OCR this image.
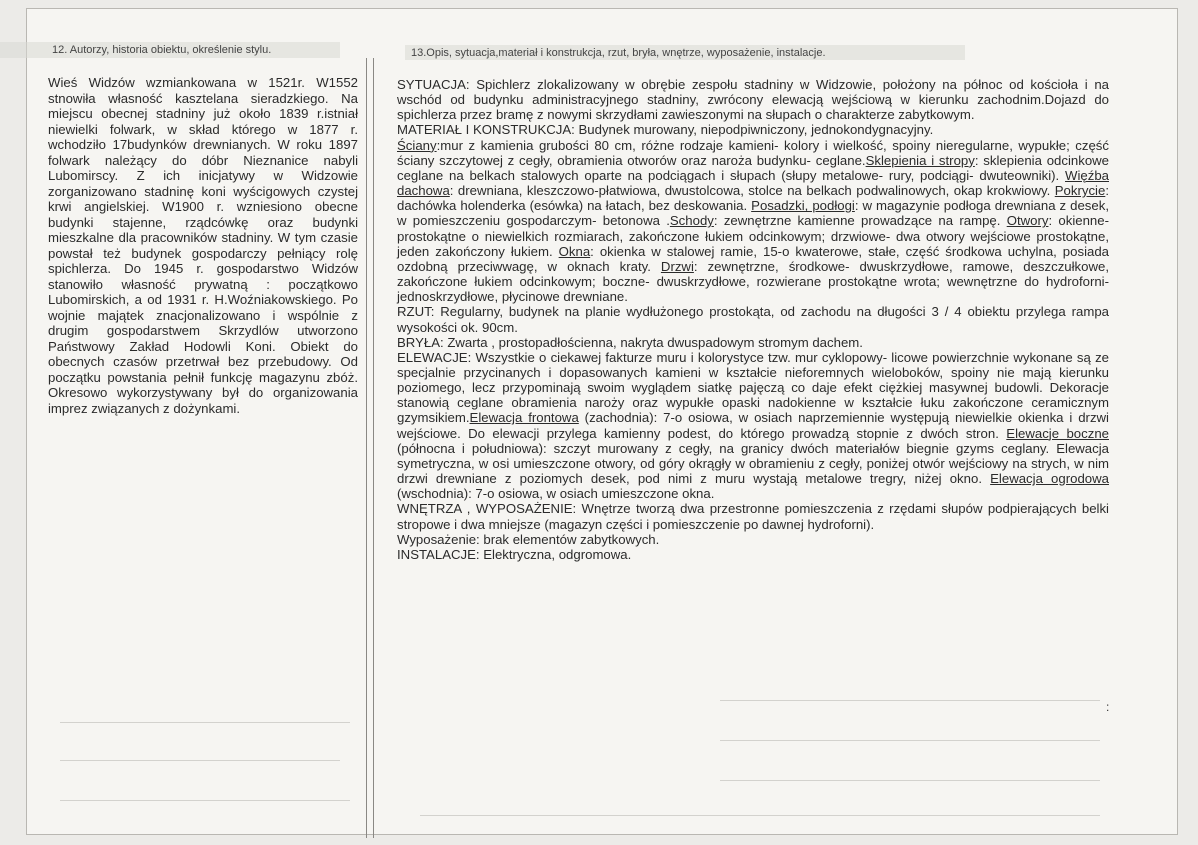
12. Autorzy, historia obiektu, określenie stylu.	13.Opis, sytuacja,materiał i konstrukcja, rzut, bryła, wnętrze, wyposażenie, instalacje.
Wieś Widzów wzmiankowana w 1521r. W1552 stnowiła własność kasztelana sieradzkiego. Na miejscu obecnej stadniny już około 1839 r.istniał niewielki folwark, w skład którego w 1877 r. wchodziło 17budynków drewnianych. W roku 1897 folwark należący do dóbr Nieznanice nabyli Lubomirscy. Z ich inicjatywy w Widzowie zorganizowano stadninę koni wyścigowych czystej krwi angielskiej. W1900 r. wzniesiono obecne budynki stajenne, rządcówkę oraz budynki mieszkalne dla pracowników stadniny. W tym czasie powstał też budynek gospodarczy pełniący rolę spichlerza. Do 1945 r. gospodarstwo Widzów stanowiło własność prywatną : początkowo Lubomirskich, a od 1931 r. H.Woźniakowskiego. Po wojnie majątek znacjonalizowano i wspólnie z drugim gospodarstwem Skrzydlów utworzono Państwowy Zakład Hodowli Koni. Obiekt do obecnych czasów przetrwał bez przebudowy. Od początku powstania pełnił funkcję magazynu zbóż. Okresowo wykorzystywany był do organizowania imprez związanych z dożynkami.

SYTUACJA: Spichlerz zlokalizowany w obrębie zespołu stadniny w Widzowie, położony na północ od kościoła i na wschód od budynku administracyjnego stadniny, zwrócony elewacją wejściową w kierunku zachodnim.Dojazd do spichlerza przez bramę z nowymi skrzydłami zawieszonymi na słupach o charakterze zabytkowym.

MATERIAŁ I KONSTRUKCJA: Budynek murowany, niepodpiwniczony, jednokondygnacyjny.

Ściany:mur z kamienia grubości 80 cm, różne rodzaje kamieni- kolory i wielkość, spoiny nieregularne, wypukłe; część ściany szczytowej z cegły, obramienia otworów oraz naroża budynku- ceglane.Sklepienia i stropy: sklepienia odcinkowe ceglane na belkach stalowych oparte na podciągach i słupach (słupy metalowe- rury, podciągi- dwuteowniki). Więźba dachowa: drewniana, kleszczowo-płatwiowa, dwustolcowa, stolce na belkach podwalinowych, okap krokwiowy. Pokrycie: dachówka holenderka (esówka) na łatach, bez deskowania. Posadzki, podłogi: w magazynie podłoga drewniana z desek, w pomieszczeniu gospodarczym- betonowa .Schody: zewnętrzne kamienne prowadzące na rampę. Otwory: okienne- prostokątne o niewielkich rozmiarach, zakończone łukiem odcinkowym; drzwiowe- dwa otwory wejściowe prostokątne, jeden zakończony łukiem. Okna: okienka w stalowej ramie, 15-o kwaterowe, stałe, część środkowa uchylna, posiada ozdobną przeciwwagę, w oknach kraty. Drzwi: zewnętrzne, środkowe- dwuskrzydłowe, ramowe, deszczułkowe, zakończone łukiem odcinkowym; boczne- dwuskrzydłowe, rozwierane prostokątne wrota; wewnętrzne do hydroforni- jednoskrzydłowe, płycinowe drewniane.

RZUT: Regularny, budynek na planie wydłużonego prostokąta, od zachodu na długości 3 / 4 obiektu przylega rampa wysokości ok. 90cm.

BRYŁA: Zwarta , prostopadłościenna, nakryta dwuspadowym stromym dachem.

ELEWACJE: Wszystkie o ciekawej fakturze muru i kolorystyce tzw. mur cyklopowy- licowe powierzchnie wykonane są ze specjalnie przycinanych i dopasowanych kamieni w kształcie nieforemnych wieloboków, spoiny nie mają kierunku poziomego, lecz przypominają swoim wyglądem siatkę pajęczą co daje efekt ciężkiej masywnej budowli. Dekoracje stanowią ceglane obramienia naroży oraz wypukłe opaski nadokienne w kształcie łuku zakończone ceramicznym gzymsikiem.Elewacja frontowa (zachodnia): 7-o osiowa, w osiach naprzemiennie występują niewielkie okienka i drzwi wejściowe. Do elewacji przylega kamienny podest, do którego prowadzą stopnie z dwóch stron. Elewacje boczne (północna i południowa): szczyt murowany z cegły, na granicy dwóch materiałów biegnie gzyms ceglany. Elewacja symetryczna, w osi umieszczone otwory, od góry okrągły w obramieniu z cegły, poniżej otwór wejściowy na strych, w nim drzwi drewniane z poziomych desek, pod nimi z muru wystają metalowe tregry, niżej okno. Elewacja ogrodowa (wschodnia): 7-o osiowa, w osiach umieszczone okna.

WNĘTRZA , WYPOSAŻENIE: Wnętrze tworzą dwa przestronne pomieszczenia z rzędami słupów podpierających belki stropowe i dwa mniejsze (magazyn części i pomieszczenie po dawnej hydroforni).

Wyposażenie: brak elementów zabytkowych.

INSTALACJE: Elektryczna, odgromowa.

:
